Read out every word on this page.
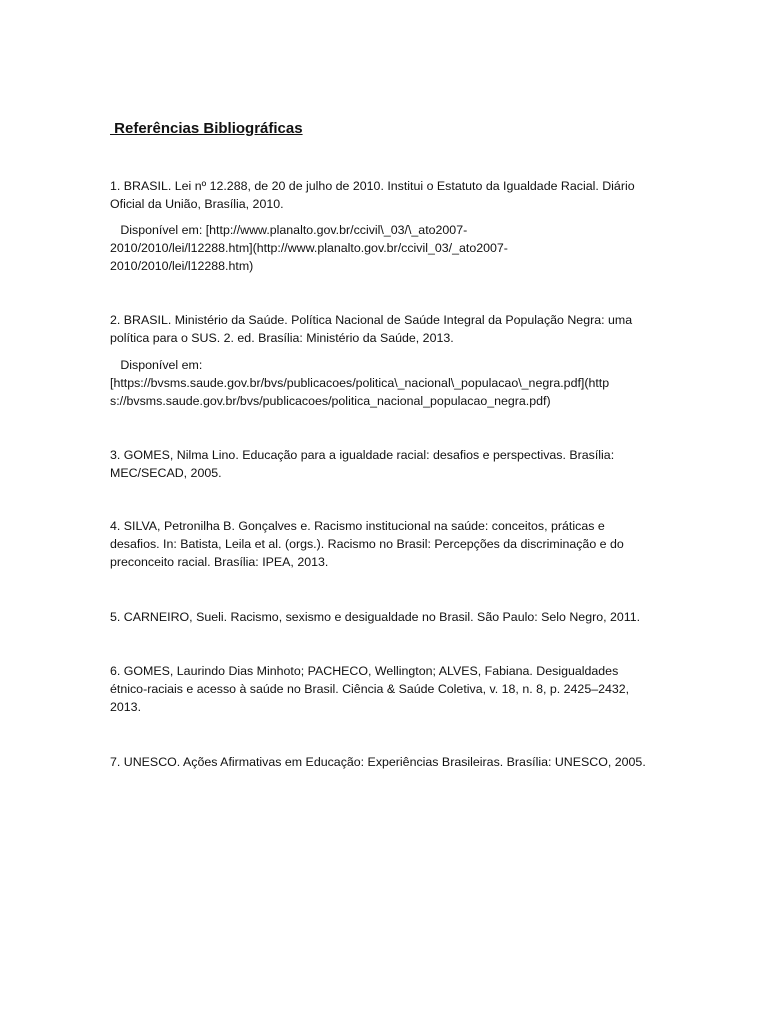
Referências Bibliográficas
1. BRASIL. Lei nº 12.288, de 20 de julho de 2010. Institui o Estatuto da Igualdade Racial. Diário
Oficial da União, Brasília, 2010.
Disponível em: [http://www.planalto.gov.br/ccivil\_03/\_ato2007-
2010/2010/lei/l12288.htm](http://www.planalto.gov.br/ccivil_03/_ato2007-
2010/2010/lei/l12288.htm)
2. BRASIL. Ministério da Saúde. Política Nacional de Saúde Integral da População Negra: uma
política para o SUS. 2. ed. Brasília: Ministério da Saúde, 2013.
Disponível em:
[https://bvsms.saude.gov.br/bvs/publicacoes/politica\_nacional\_populacao\_negra.pdf](http
s://bvsms.saude.gov.br/bvs/publicacoes/politica_nacional_populacao_negra.pdf)
3. GOMES, Nilma Lino. Educação para a igualdade racial: desafios e perspectivas. Brasília:
MEC/SECAD, 2005.
4. SILVA, Petronilha B. Gonçalves e. Racismo institucional na saúde: conceitos, práticas e
desafios. In: Batista, Leila et al. (orgs.). Racismo no Brasil: Percepções da discriminação e do
preconceito racial. Brasília: IPEA, 2013.
5. CARNEIRO, Sueli. Racismo, sexismo e desigualdade no Brasil. São Paulo: Selo Negro, 2011.
6. GOMES, Laurindo Dias Minhoto; PACHECO, Wellington; ALVES, Fabiana. Desigualdades
étnico-raciais e acesso à saúde no Brasil. Ciência & Saúde Coletiva, v. 18, n. 8, p. 2425–2432,
2013.
7. UNESCO. Ações Afirmativas em Educação: Experiências Brasileiras. Brasília: UNESCO, 2005.
